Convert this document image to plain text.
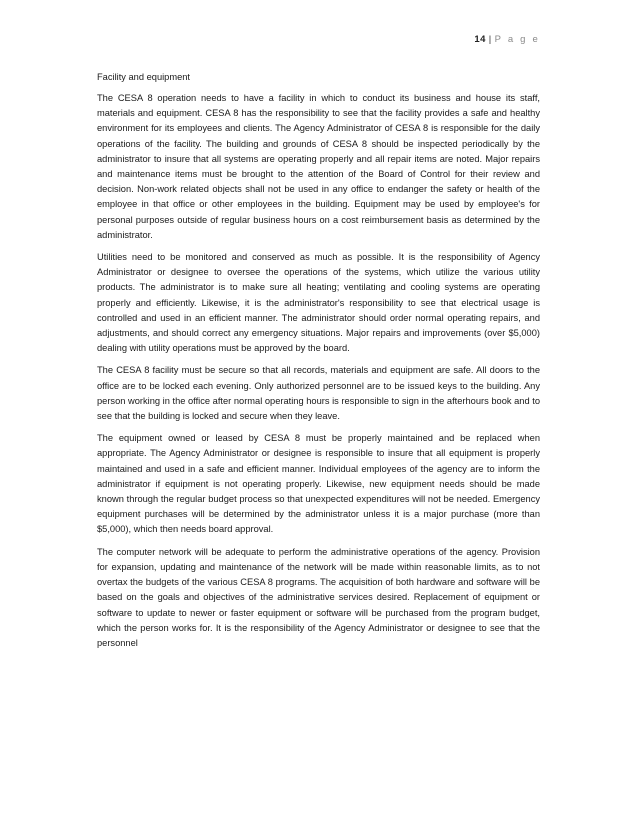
14 | P a g e

Facility and equipment

The CESA 8 operation needs to have a facility in which to conduct its business and house its staff, materials and equipment. CESA 8 has the responsibility to see that the facility provides a safe and healthy environment for its employees and clients. The Agency Administrator of CESA 8 is responsible for the daily operations of the facility. The building and grounds of CESA 8 should be inspected periodically by the administrator to insure that all systems are operating properly and all repair items are noted. Major repairs and maintenance items must be brought to the attention of the Board of Control for their review and decision. Non-work related objects shall not be used in any office to endanger the safety or health of the employee in that office or other employees in the building. Equipment may be used by employee's for personal purposes outside of regular business hours on a cost reimbursement basis as determined by the administrator.

Utilities need to be monitored and conserved as much as possible. It is the responsibility of Agency Administrator or designee to oversee the operations of the systems, which utilize the various utility products. The administrator is to make sure all heating; ventilating and cooling systems are operating properly and efficiently. Likewise, it is the administrator's responsibility to see that electrical usage is controlled and used in an efficient manner. The administrator should order normal operating repairs, and adjustments, and should correct any emergency situations. Major repairs and improvements (over $5,000) dealing with utility operations must be approved by the board.

The CESA 8 facility must be secure so that all records, materials and equipment are safe. All doors to the office are to be locked each evening. Only authorized personnel are to be issued keys to the building. Any person working in the office after normal operating hours is responsible to sign in the afterhours book and to see that the building is locked and secure when they leave.

The equipment owned or leased by CESA 8 must be properly maintained and be replaced when appropriate. The Agency Administrator or designee is responsible to insure that all equipment is properly maintained and used in a safe and efficient manner. Individual employees of the agency are to inform the administrator if equipment is not operating properly. Likewise, new equipment needs should be made known through the regular budget process so that unexpected expenditures will not be needed. Emergency equipment purchases will be determined by the administrator unless it is a major purchase (more than $5,000), which then needs board approval.

The computer network will be adequate to perform the administrative operations of the agency. Provision for expansion, updating and maintenance of the network will be made within reasonable limits, as to not overtax the budgets of the various CESA 8 programs. The acquisition of both hardware and software will be based on the goals and objectives of the administrative services desired. Replacement of equipment or software to update to newer or faster equipment or software will be purchased from the program budget, which the person works for. It is the responsibility of the Agency Administrator or designee to see that the personnel
